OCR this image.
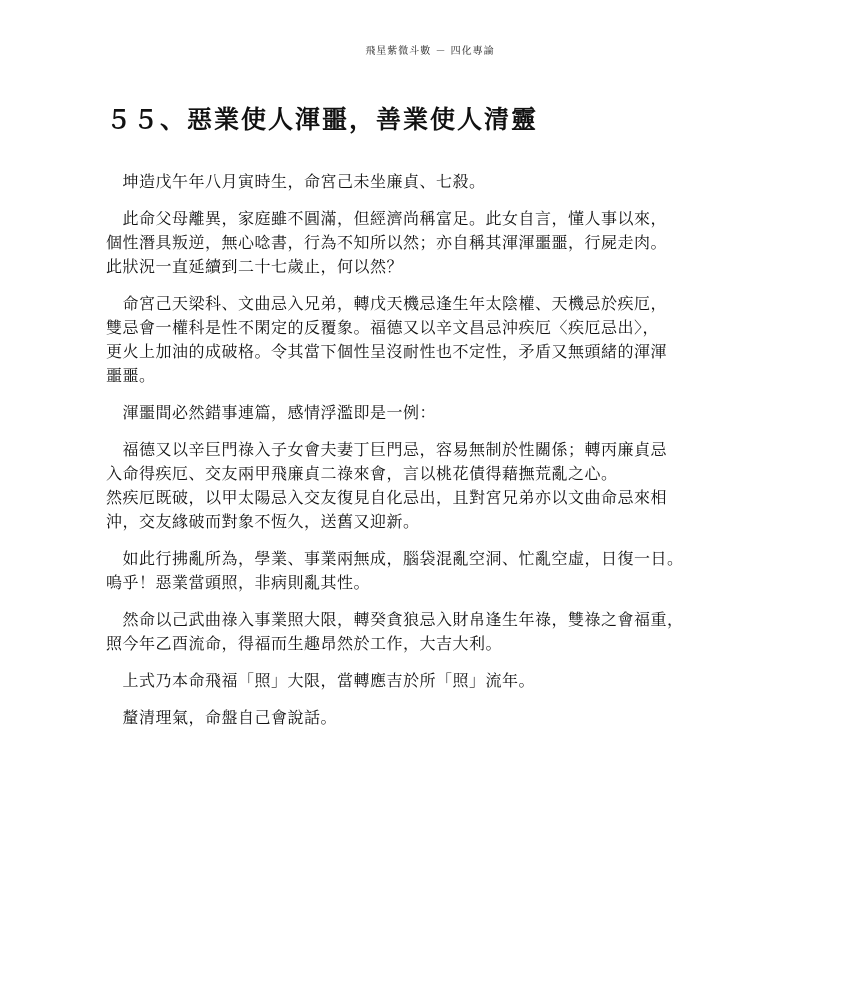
飛星紫微斗數 － 四化專論
５５、惡業使人渾噩，善業使人清靈

　坤造戊午年八月寅時生，命宮己未坐廉貞、七殺。

　此命父母離異，家庭雖不圓滿，但經濟尚稱富足。此女自言，懂人事以來，
個性潛具叛逆，無心唸書，行為不知所以然；亦自稱其渾渾噩噩，行屍走肉。
此狀況一直延續到二十七歲止，何以然？

　命宮己天梁科、文曲忌入兄弟，轉戊天機忌逢生年太陰權、天機忌於疾厄，
雙忌會一權科是性不閑定的反覆象。福德又以辛文昌忌沖疾厄〈疾厄忌出〉，
更火上加油的成破格。令其當下個性呈沒耐性也不定性，矛盾又無頭緒的渾渾
噩噩。

　渾噩間必然錯事連篇，感情浮濫即是一例：

　福德又以辛巨門祿入子女會夫妻丁巨門忌，容易無制於性關係；轉丙廉貞忌
入命得疾厄、交友兩甲飛廉貞二祿來會，言以桃花債得藉撫荒亂之心。
然疾厄既破，以甲太陽忌入交友復見自化忌出，且對宮兄弟亦以文曲命忌來相
沖，交友緣破而對象不恆久，送舊又迎新。

　如此行拂亂所為，學業、事業兩無成，腦袋混亂空洞、忙亂空虛，日復一日。
嗚乎！惡業當頭照，非病則亂其性。

　然命以己武曲祿入事業照大限，轉癸貪狼忌入財帛逢生年祿，雙祿之會福重，
照今年乙酉流命，得福而生趣昂然於工作，大吉大利。

　上式乃本命飛福「照」大限，當轉應吉於所「照」流年。

　釐清理氣，命盤自己會說話。
